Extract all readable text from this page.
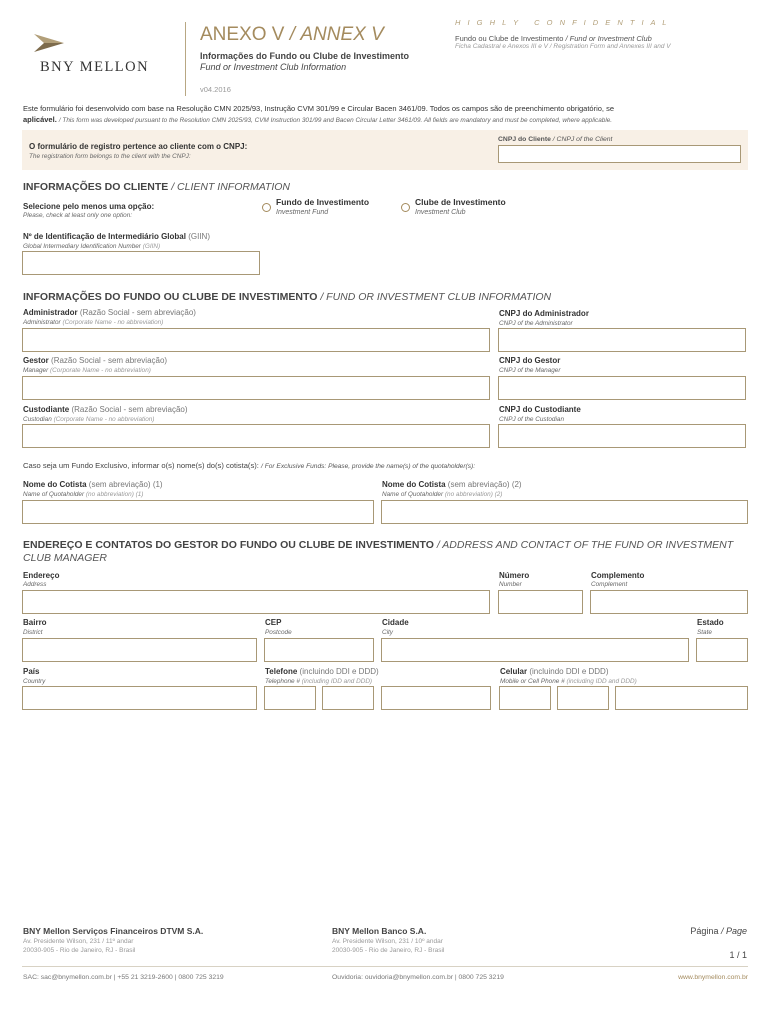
BNY MELLON
ANEXO V / ANNEX V
Informações do Fundo ou Clube de Investimento
Fund or Investment Club Information
v04.2016
H I G H L Y   C O N F I D E N T I A L
Fundo ou Clube de Investimento / Fund or Investment Club
Ficha Cadastral e Anexos III e V / Registration Form and Annexes III and V
Este formulário foi desenvolvido com base na Resolução CMN 2025/93, Instrução CVM 301/99 e Circular Bacen 3461/09. Todos os campos são de preenchimento obrigatório, se
aplicável. / This form was developed pursuant to the Resolution CMN 2025/93, CVM Instruction 301/99 and Bacen Circular Letter 3461/09. All fields are mandatory and must be completed, where applicable.
O formulário de registro pertence ao cliente com o CNPJ:
The registration form belongs to the client with the CNPJ:
CNPJ do Cliente / CNPJ of the Client
INFORMAÇÕES DO CLIENTE / CLIENT INFORMATION
Selecione pelo menos uma opção:
Please, check at least only one option:
Fundo de Investimento
Investment Fund
Clube de Investimento
Investment Club
Nº de Identificação de Intermediário Global (GIIN)
Global Intermediary Identification Number (GIIN)
INFORMAÇÕES DO FUNDO OU CLUBE DE INVESTIMENTO / FUND OR INVESTMENT CLUB INFORMATION
Administrador (Razão Social - sem abreviação)
Administrator (Corporate Name - no abbreviation)
CNPJ do Administrador
CNPJ of the Administrator
Gestor (Razão Social - sem abreviação)
Manager (Corporate Name - no abbreviation)
CNPJ do Gestor
CNPJ of the Manager
Custodiante (Razão Social - sem abreviação)
Custodian (Corporate Name - no abbreviation)
CNPJ do Custodiante
CNPJ of the Custodian
Caso seja um Fundo Exclusivo, informar o(s) nome(s) do(s) cotista(s): / For Exclusive Funds: Please, provide the name(s) of the quotaholder(s):
Nome do Cotista (sem abreviação) (1)
Name of Quotaholder (no abbreviation) (1)
Nome do Cotista (sem abreviação) (2)
Name of Quotaholder (no abbreviation) (2)
ENDEREÇO E CONTATOS DO GESTOR DO FUNDO OU CLUBE DE INVESTIMENTO / ADDRESS AND CONTACT OF THE FUND OR INVESTMENT
CLUB MANAGER
Endereço
Address
Número
Number
Complemento
Complement
Bairro
District
CEP
Postcode
Cidade
City
Estado
State
País
Country
Telefone (incluindo DDI e DDD)
Telephone # (including IDD and DDD)
Celular (incluindo DDI e DDD)
Mobile or Cell Phone # (including IDD and DDD)
BNY Mellon Serviços Financeiros DTVM S.A.
Av. Presidente Wilson, 231 / 11º andar
20030-905 - Rio de Janeiro, RJ - Brasil
BNY Mellon Banco S.A.
Av. Presidente Wilson, 231 / 10º andar
20030-905 - Rio de Janeiro, RJ - Brasil
Página / Page
1 / 1
SAC: sac@bnymellon.com.br | +55 21 3219-2600 | 0800 725 3219	Ouvidoria: ouvidoria@bnymellon.com.br | 0800 725 3219	www.bnymellon.com.br
